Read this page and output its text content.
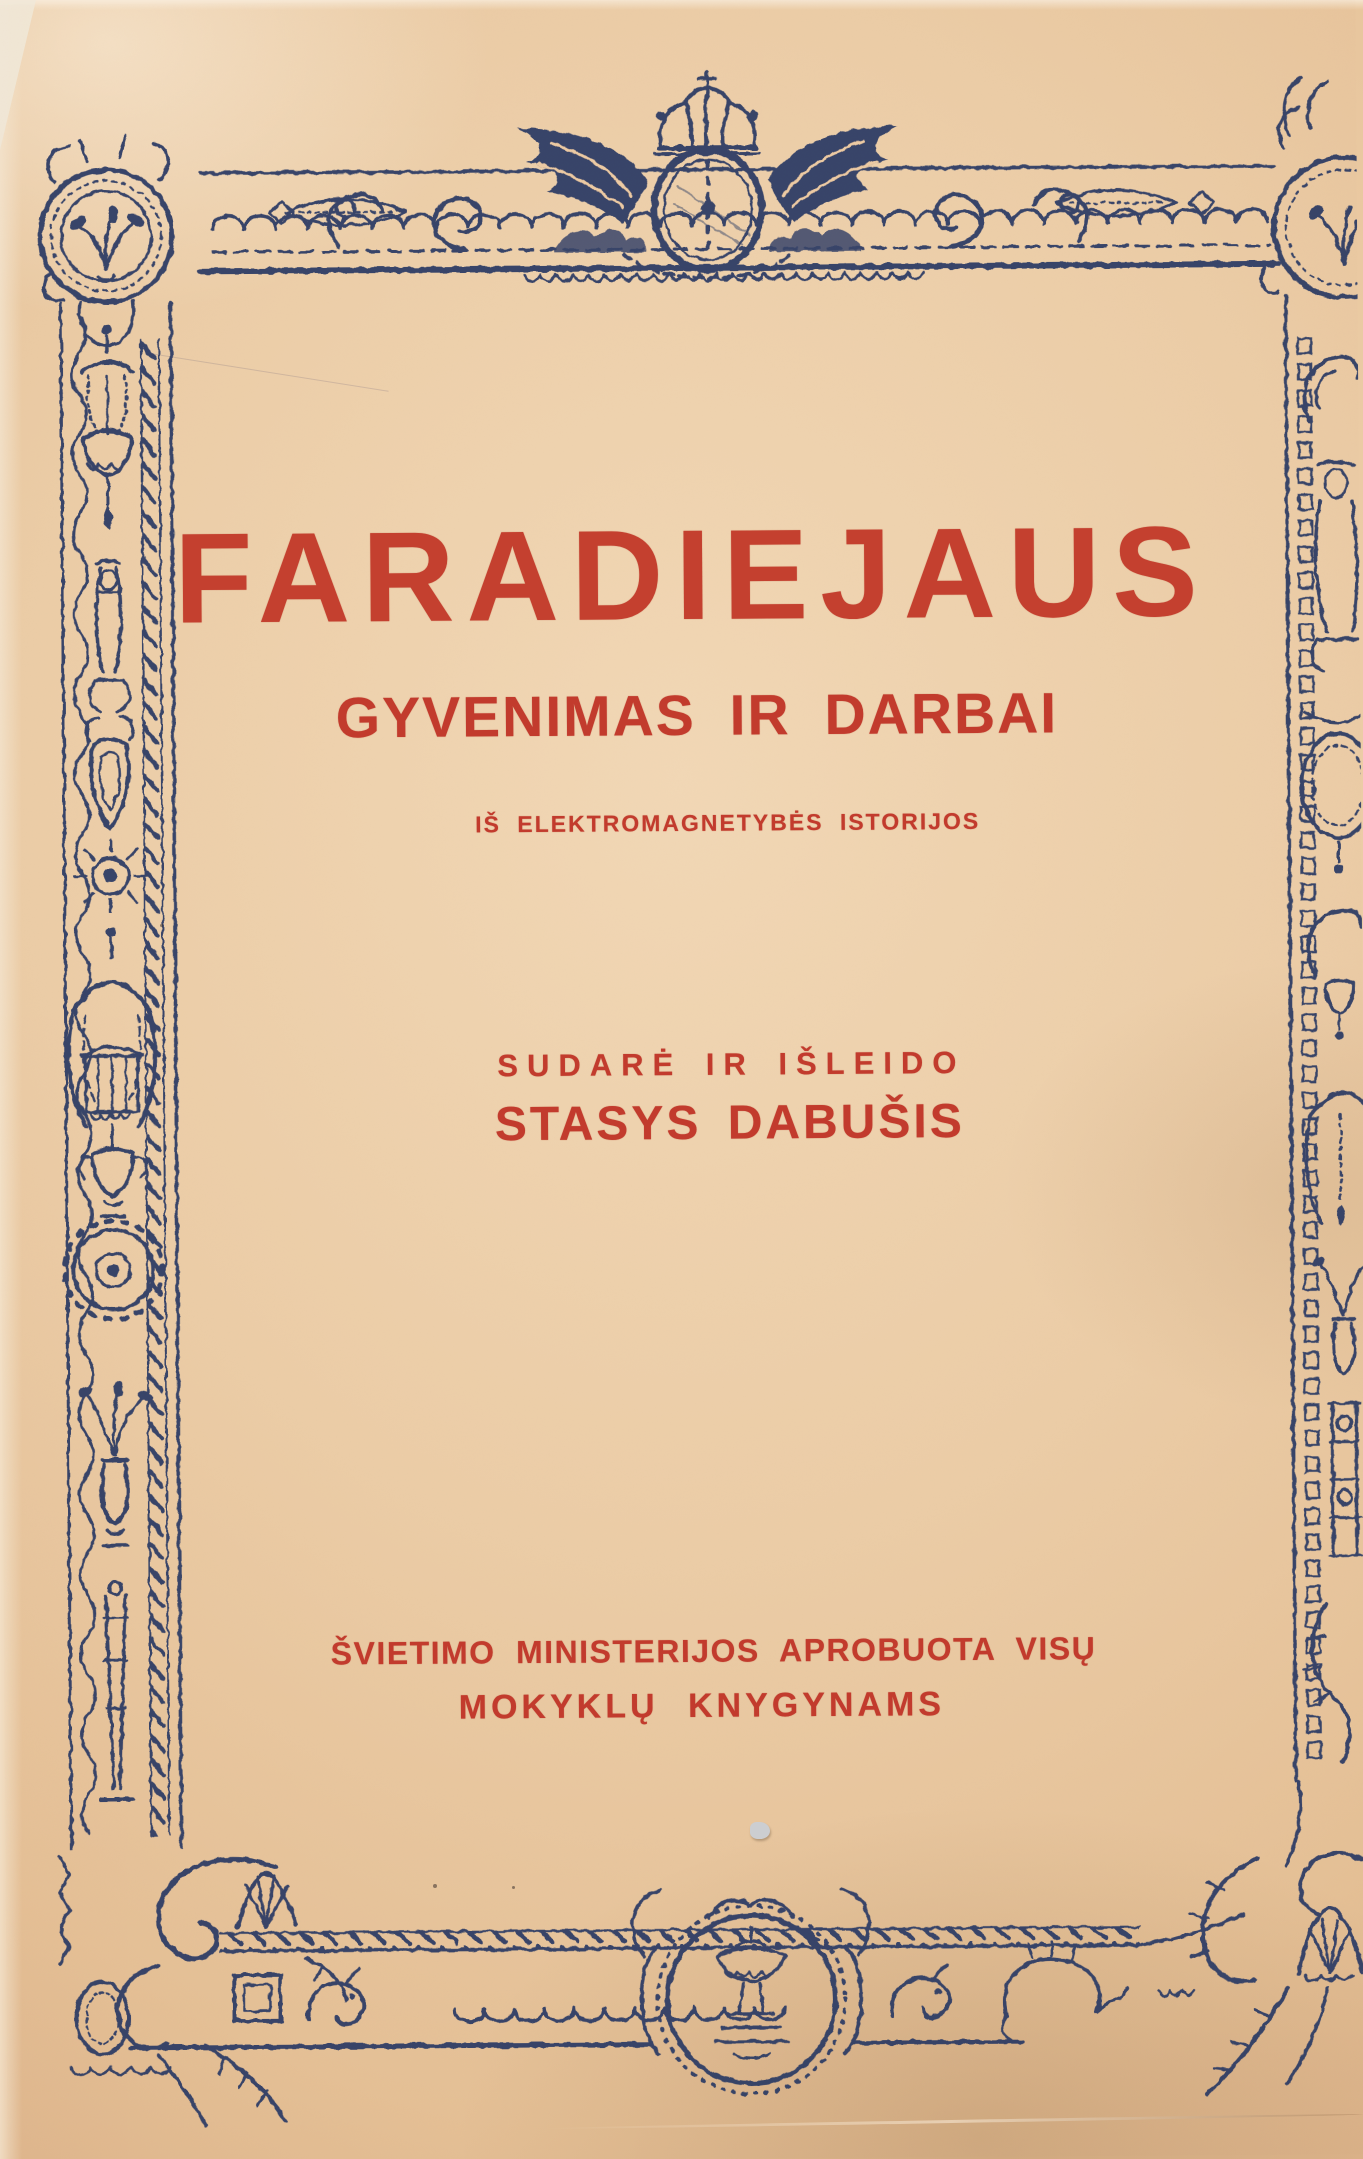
FARADIEJAUS
GYVENIMAS IR DARBAI
IŠ ELEKTROMAGNETYBĖS ISTORIJOS
SUDARĖ IR IŠLEIDO
STASYS DABUŠIS
ŠVIETIMO MINISTERIJOS APROBUOTA VISŲ
MOKYKLŲ KNYGYNAMS
